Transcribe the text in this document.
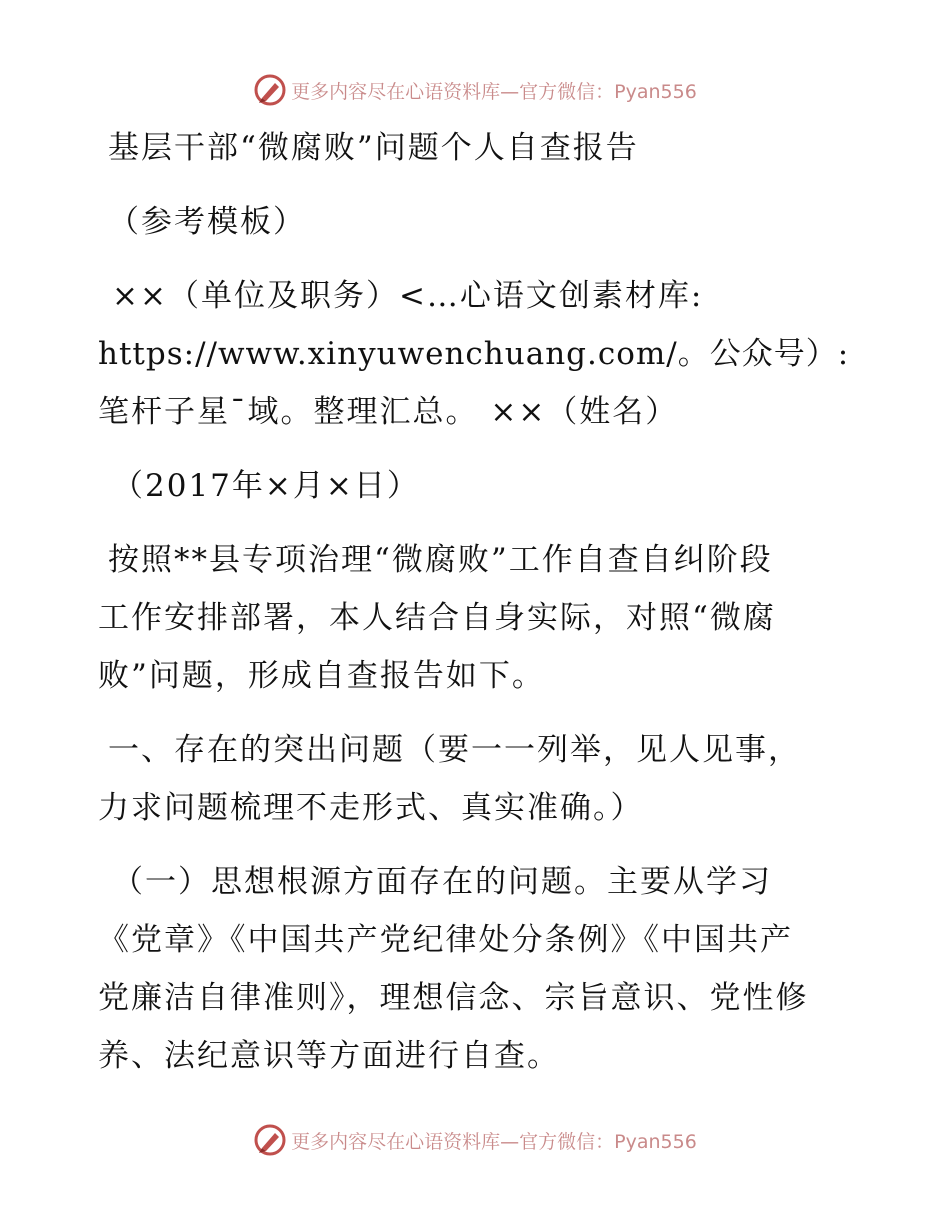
更多内容尽在心语资料库—官方微信：Pyan556
基层干部“微腐败”问题个人自查报告
（参考模板）
××（单位及职务）<…心语文创素材库:
https://www.xinyuwenchuang.com/。公众号）:
笔杆子星¯域。整理汇总。 ××（姓名）
（2017年×月×日）
按照**县专项治理“微腐败”工作自查自纠阶段
工作安排部署，本人结合自身实际，对照“微腐
败”问题，形成自查报告如下。
一、存在的突出问题（要一一列举，见人见事，
力求问题梳理不走形式、真实准确。）
（一）思想根源方面存在的问题。主要从学习
《党章》《中国共产党纪律处分条例》《中国共产
党廉洁自律准则》，理想信念、宗旨意识、党性修
养、法纪意识等方面进行自查。
更多内容尽在心语资料库—官方微信：Pyan556
